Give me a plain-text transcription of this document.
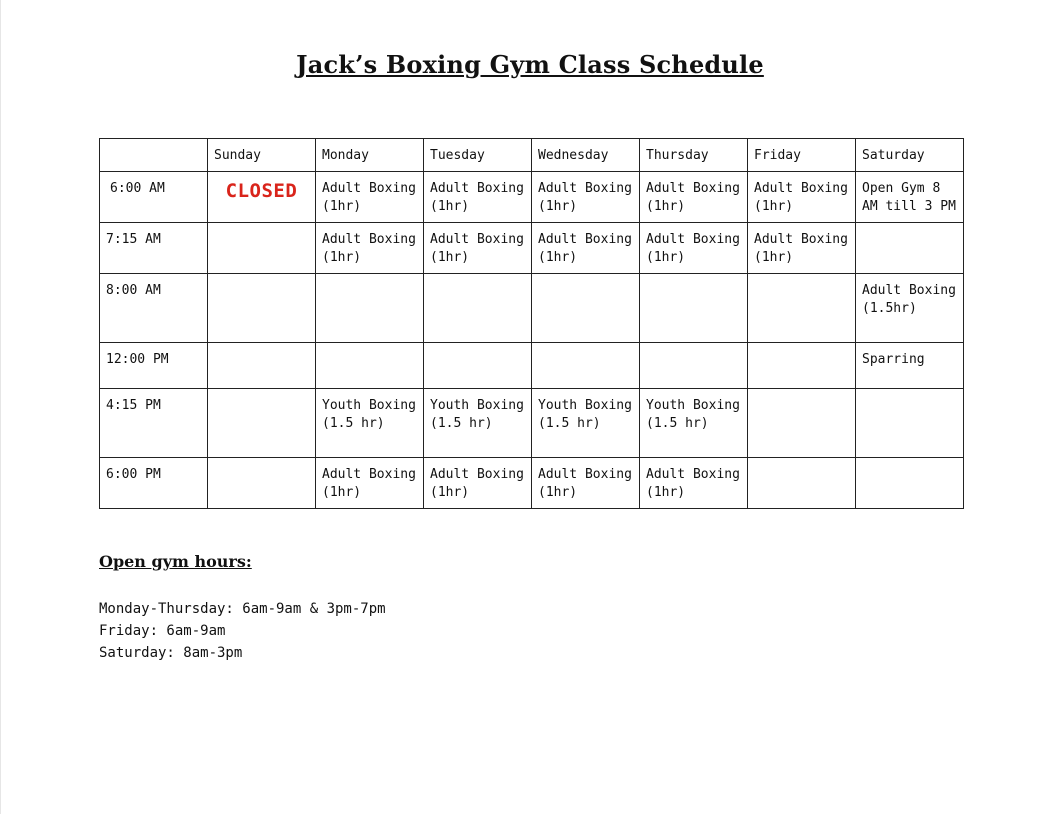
Jack’s Boxing Gym Class Schedule
	Sunday	Monday	Tuesday	Wednesday	Thursday	Friday	Saturday
6:00 AM	CLOSED	Adult Boxing (1hr)	Adult Boxing (1hr)	Adult Boxing (1hr)	Adult Boxing (1hr)	Adult Boxing (1hr)	Open Gym 8 AM till 3 PM
7:15 AM		Adult Boxing (1hr)	Adult Boxing (1hr)	Adult Boxing (1hr)	Adult Boxing (1hr)	Adult Boxing (1hr)	
8:00 AM							Adult Boxing (1.5hr)
12:00 PM							Sparring
4:15 PM		Youth Boxing (1.5 hr)	Youth Boxing (1.5 hr)	Youth Boxing (1.5 hr)	Youth Boxing (1.5 hr)		
6:00 PM		Adult Boxing (1hr)	Adult Boxing (1hr)	Adult Boxing (1hr)	Adult Boxing (1hr)		
Open gym hours:
Monday-Thursday: 6am-9am & 3pm-7pm
Friday: 6am-9am
Saturday: 8am-3pm
